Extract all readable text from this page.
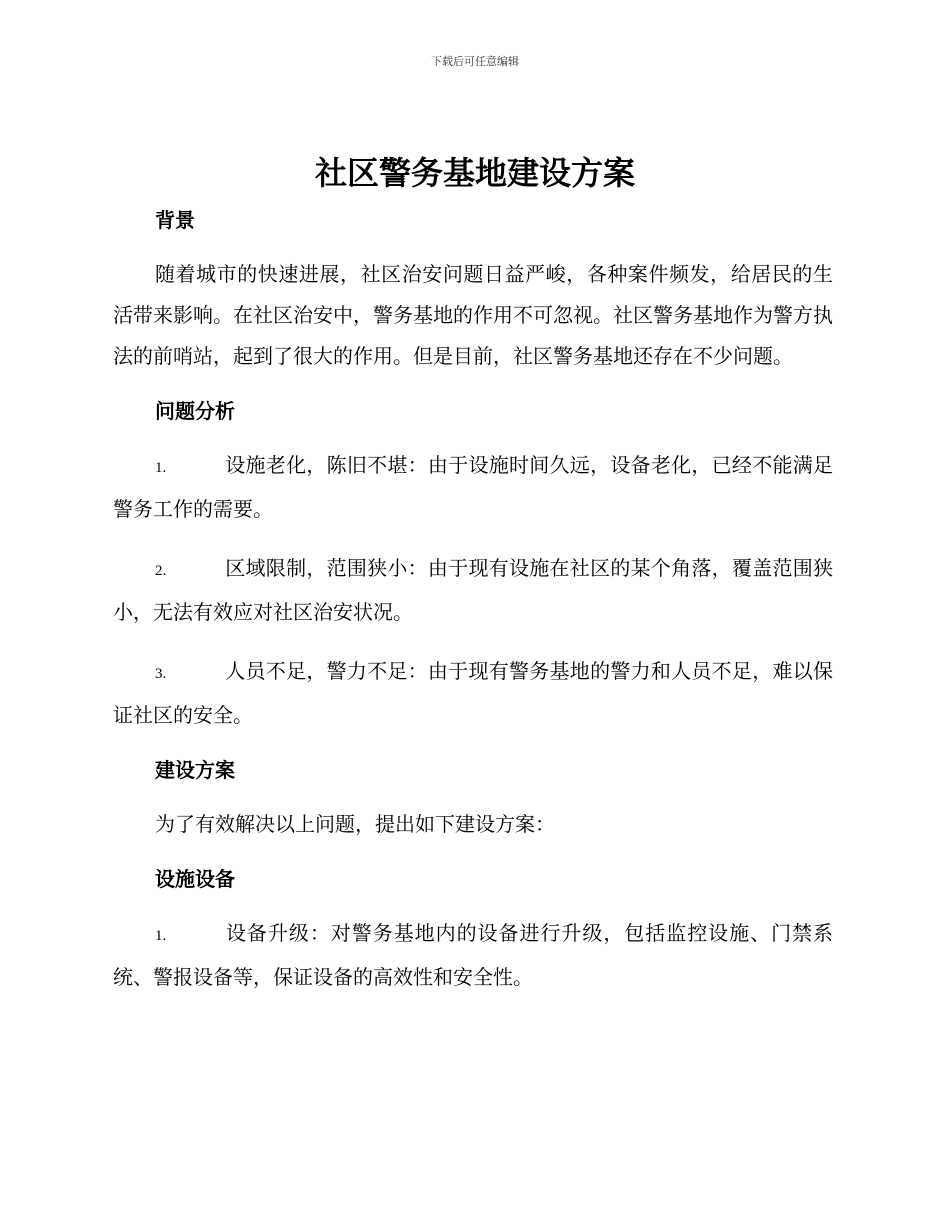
下载后可任意编辑
社区警务基地建设方案
背景

随着城市的快速进展，社区治安问题日益严峻，各种案件频发，给居民的生活带来影响。在社区治安中，警务基地的作用不可忽视。社区警务基地作为警方执法的前哨站，起到了很大的作用。但是目前，社区警务基地还存在不少问题。

问题分析

1.	设施老化，陈旧不堪：由于设施时间久远，设备老化，已经不能满足警务工作的需要。

2.	区域限制，范围狭小：由于现有设施在社区的某个角落，覆盖范围狭小，无法有效应对社区治安状况。

3.	人员不足，警力不足：由于现有警务基地的警力和人员不足，难以保证社区的安全。

建设方案

为了有效解决以上问题，提出如下建设方案：

设施设备

1.	设备升级：对警务基地内的设备进行升级，包括监控设施、门禁系统、警报设备等，保证设备的高效性和安全性。
